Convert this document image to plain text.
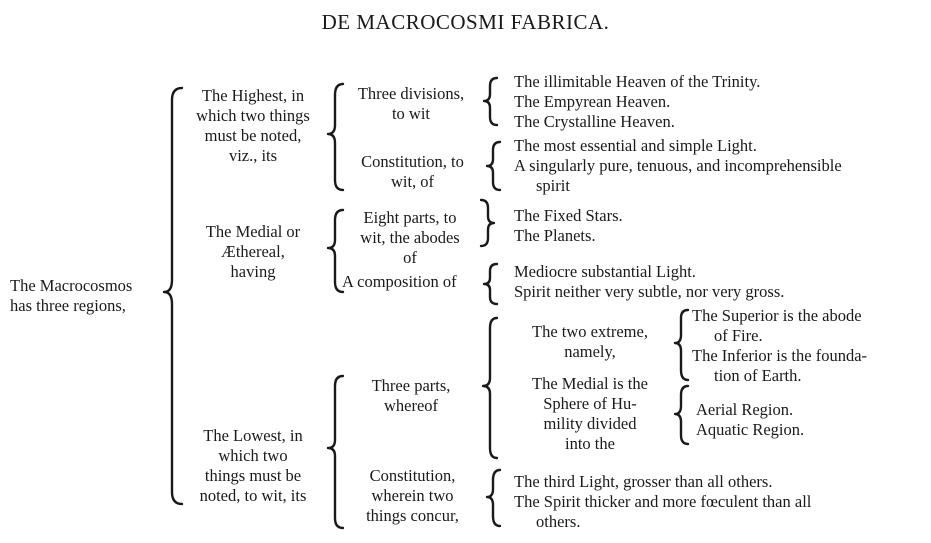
DE MACROCOSMI FABRICA.
The Macrocosmos
has three regions,
The Highest, in
which two things
must be noted,
viz., its
Three divisions,
to wit
The illimitable Heaven of the Trinity.
The Empyrean Heaven.
The Crystalline Heaven.
Constitution, to
wit, of
The most essential and simple Light.
A singularly pure, tenuous, and incomprehensible
spirit
The Medial or
Æthereal,
having
Eight parts, to
wit, the abodes
of
The Fixed Stars.
The Planets.
A composition of
Mediocre substantial Light.
Spirit neither very subtle, nor very gross.
The Lowest, in
which two
things must be
noted, to wit, its
Three parts,
whereof
The two extreme,
namely,
The Superior is the abode
of Fire.
The Inferior is the founda-
tion of Earth.
The Medial is the
Sphere of Hu-
mility divided
into the
Aerial Region.
Aquatic Region.
Constitution,
wherein two
things concur,
The third Light, grosser than all others.
The Spirit thicker and more fœculent than all
others.
